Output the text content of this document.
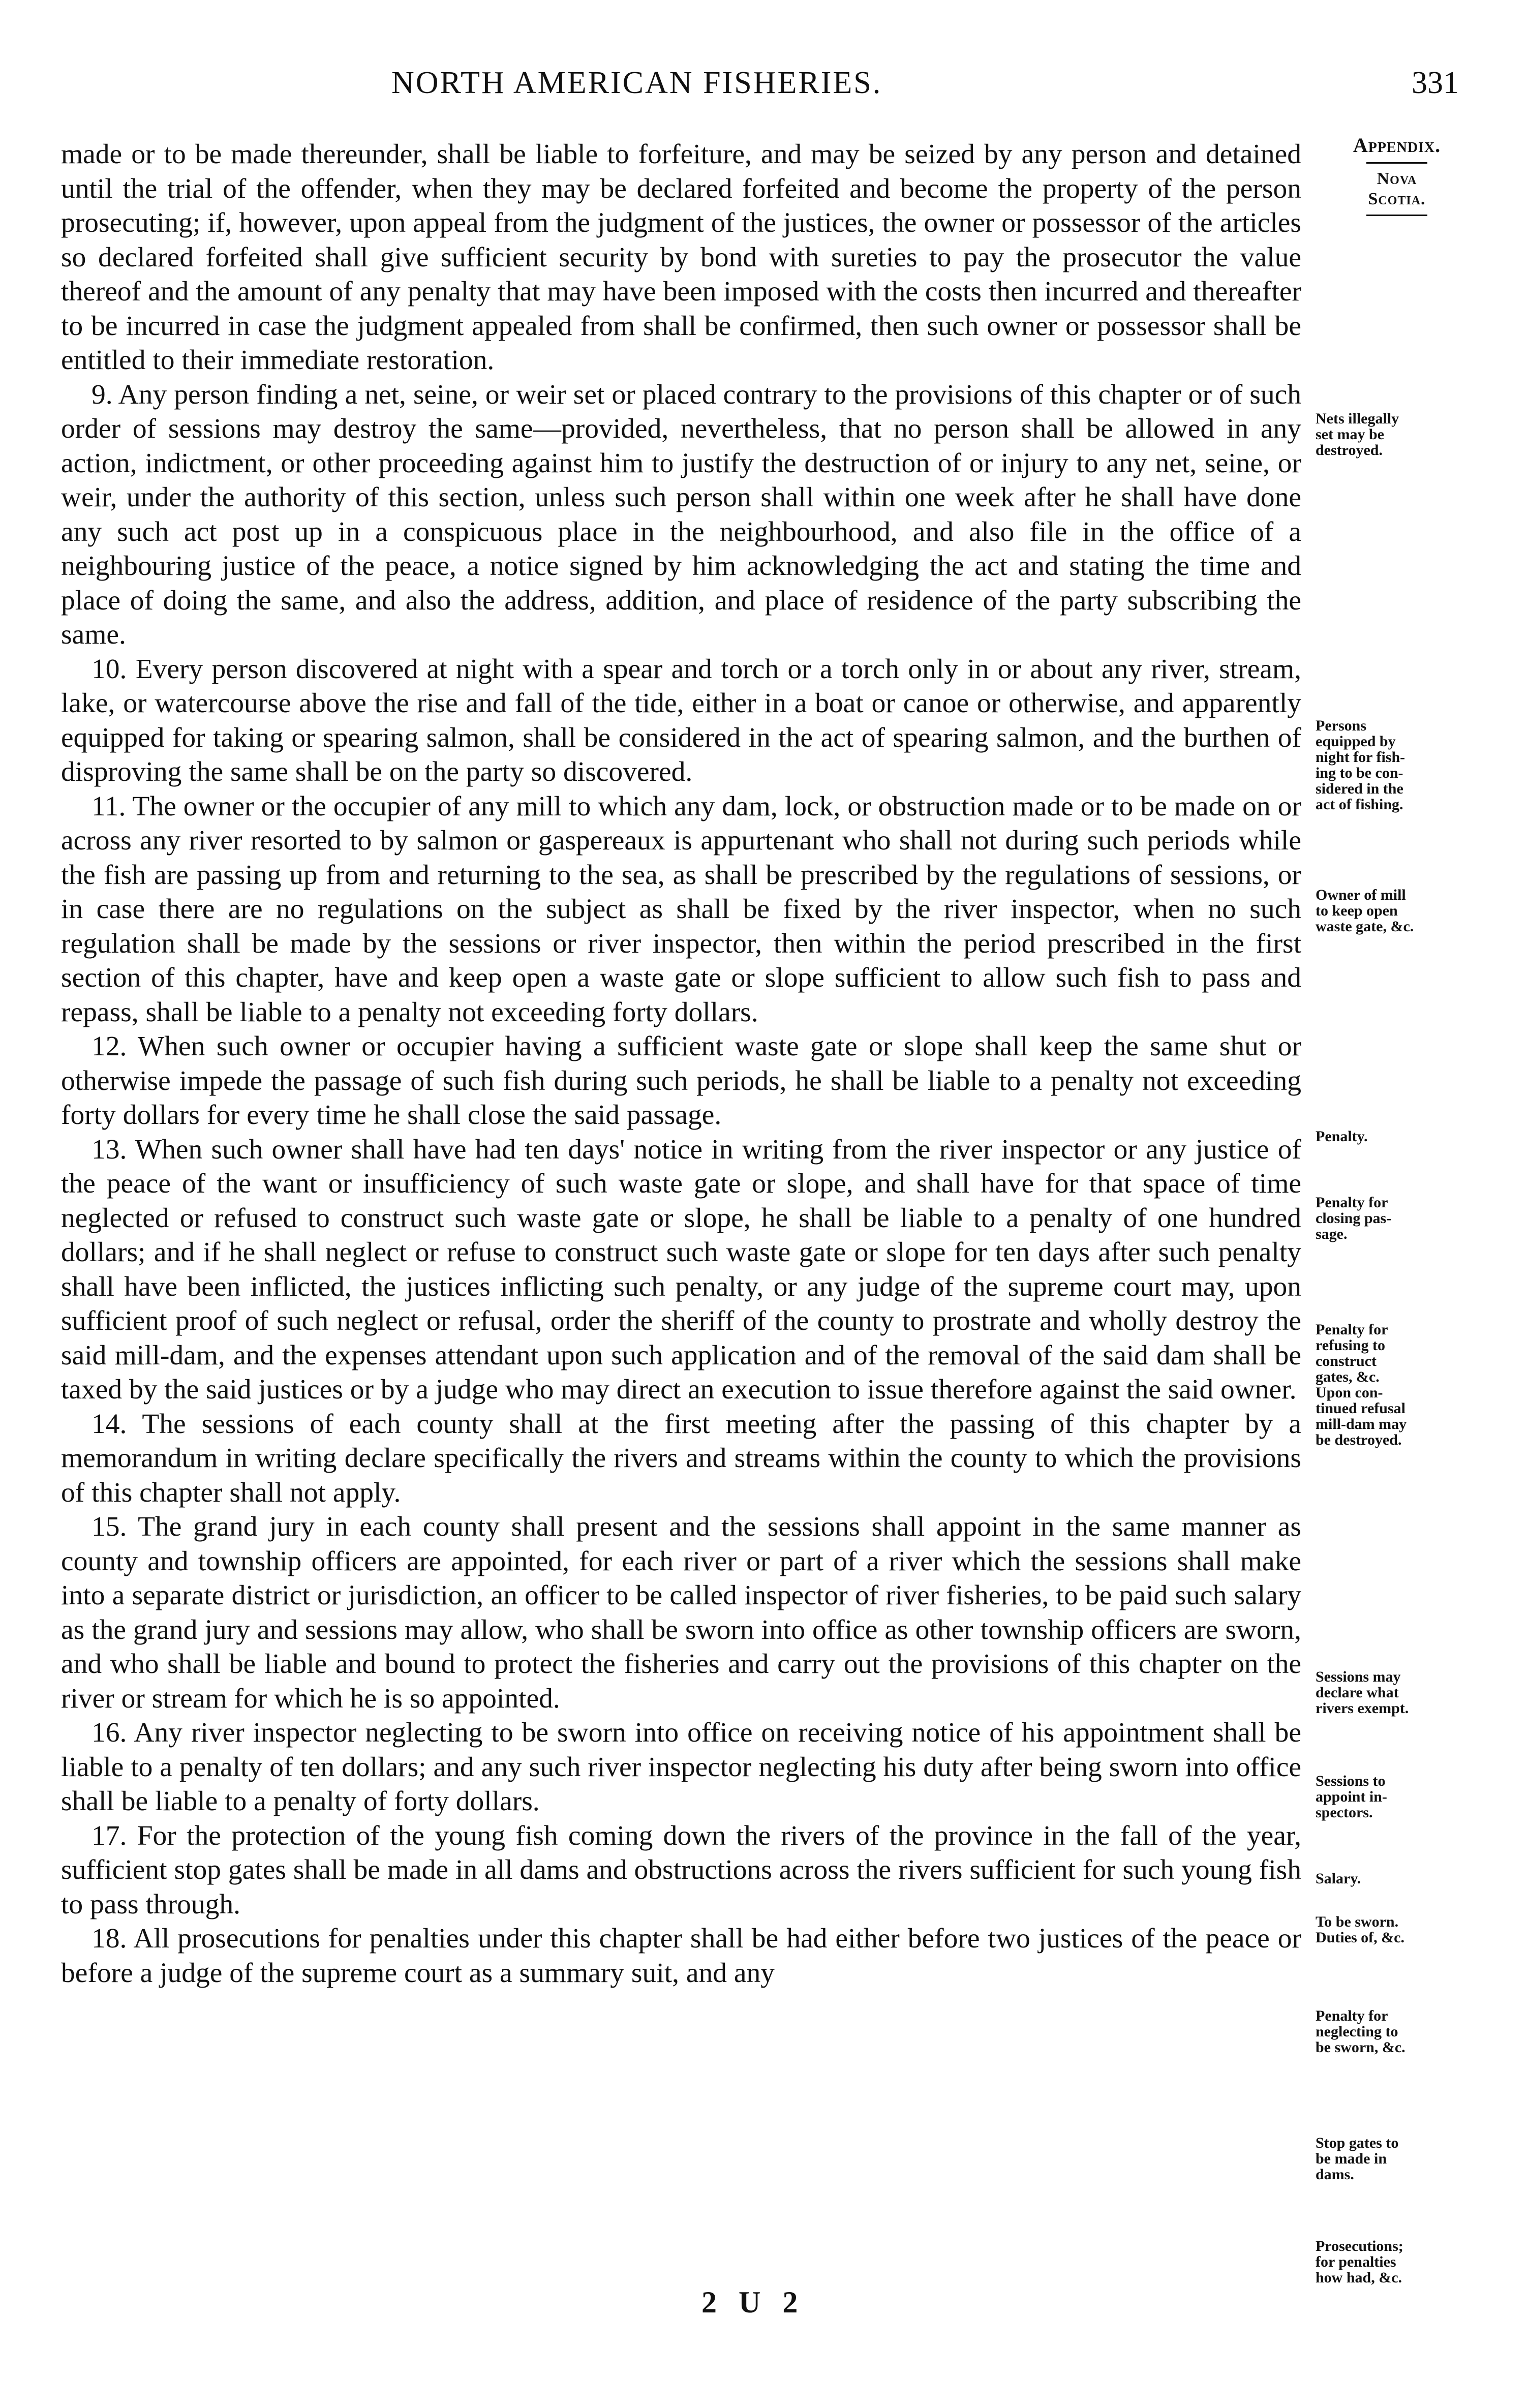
NORTH AMERICAN FISHERIES.	331
Appendix.
Nova
Scotia.

made or to be made thereunder, shall be liable to forfeiture, and may be seized by any person and detained until the trial of the offender, when they may be declared forfeited and become the property of the person prosecuting; if, however, upon appeal from the judgment of the justices, the owner or possessor of the articles so declared forfeited shall give sufficient security by bond with sureties to pay the prosecutor the value thereof and the amount of any penalty that may have been imposed with the costs then incurred and thereafter to be incurred in case the judgment appealed from shall be confirmed, then such owner or possessor shall be entitled to their immediate restoration.

9. Any person finding a net, seine, or weir set or placed contrary to the provisions of this chapter or of such order of sessions may destroy the same—provided, nevertheless, that no person shall be allowed in any action, indictment, or other proceeding against him to justify the destruction of or injury to any net, seine, or weir, under the authority of this section, unless such person shall within one week after he shall have done any such act post up in a conspicuous place in the neighbourhood, and also file in the office of a neighbouring justice of the peace, a notice signed by him acknowledging the act and stating the time and place of doing the same, and also the address, addition, and place of residence of the party subscribing the same.

10. Every person discovered at night with a spear and torch or a torch only in or about any river, stream, lake, or watercourse above the rise and fall of the tide, either in a boat or canoe or otherwise, and apparently equipped for taking or spearing salmon, shall be considered in the act of spearing salmon, and the burthen of disproving the same shall be on the party so discovered.

11. The owner or the occupier of any mill to which any dam, lock, or obstruction made or to be made on or across any river resorted to by salmon or gaspereaux is appurtenant who shall not during such periods while the fish are passing up from and returning to the sea, as shall be prescribed by the regulations of sessions, or in case there are no regulations on the subject as shall be fixed by the river inspector, when no such regulation shall be made by the sessions or river inspector, then within the period prescribed in the first section of this chapter, have and keep open a waste gate or slope sufficient to allow such fish to pass and repass, shall be liable to a penalty not exceeding forty dollars.

12. When such owner or occupier having a sufficient waste gate or slope shall keep the same shut or otherwise impede the passage of such fish during such periods, he shall be liable to a penalty not exceeding forty dollars for every time he shall close the said passage.

13. When such owner shall have had ten days' notice in writing from the river inspector or any justice of the peace of the want or insufficiency of such waste gate or slope, and shall have for that space of time neglected or refused to construct such waste gate or slope, he shall be liable to a penalty of one hundred dollars; and if he shall neglect or refuse to construct such waste gate or slope for ten days after such penalty shall have been inflicted, the justices inflicting such penalty, or any judge of the supreme court may, upon sufficient proof of such neglect or refusal, order the sheriff of the county to prostrate and wholly destroy the said mill-dam, and the expenses attendant upon such application and of the removal of the said dam shall be taxed by the said justices or by a judge who may direct an execution to issue therefore against the said owner.

14. The sessions of each county shall at the first meeting after the passing of this chapter by a memorandum in writing declare specifically the rivers and streams within the county to which the provisions of this chapter shall not apply.

15. The grand jury in each county shall present and the sessions shall appoint in the same manner as county and township officers are appointed, for each river or part of a river which the sessions shall make into a separate district or jurisdiction, an officer to be called inspector of river fisheries, to be paid such salary as the grand jury and sessions may allow, who shall be sworn into office as other township officers are sworn, and who shall be liable and bound to protect the fisheries and carry out the provisions of this chapter on the river or stream for which he is so appointed.

16. Any river inspector neglecting to be sworn into office on receiving notice of his appointment shall be liable to a penalty of ten dollars; and any such river inspector neglecting his duty after being sworn into office shall be liable to a penalty of forty dollars.

17. For the protection of the young fish coming down the rivers of the province in the fall of the year, sufficient stop gates shall be made in all dams and obstructions across the rivers sufficient for such young fish to pass through.

18. All prosecutions for penalties under this chapter shall be had either before two justices of the peace or before a judge of the supreme court as a summary suit, and any

Nets illegally
set may be
destroyed.
Persons
equipped by
night for fish-
ing to be con-
sidered in the
act of fishing.
Owner of mill
to keep open
waste gate, &c.
Penalty.
Penalty for
closing pas-
sage.
Penalty for
refusing to
construct
gates, &c.
Upon con-
tinued refusal
mill-dam may
be destroyed.
Sessions may
declare what
rivers exempt.
Sessions to
appoint in-
spectors.
Salary.
To be sworn.
Duties of, &c.
Penalty for
neglecting to
be sworn, &c.
Stop gates to
be made in
dams.
Prosecutions;
for penalties
how had, &c.
2 U 2
